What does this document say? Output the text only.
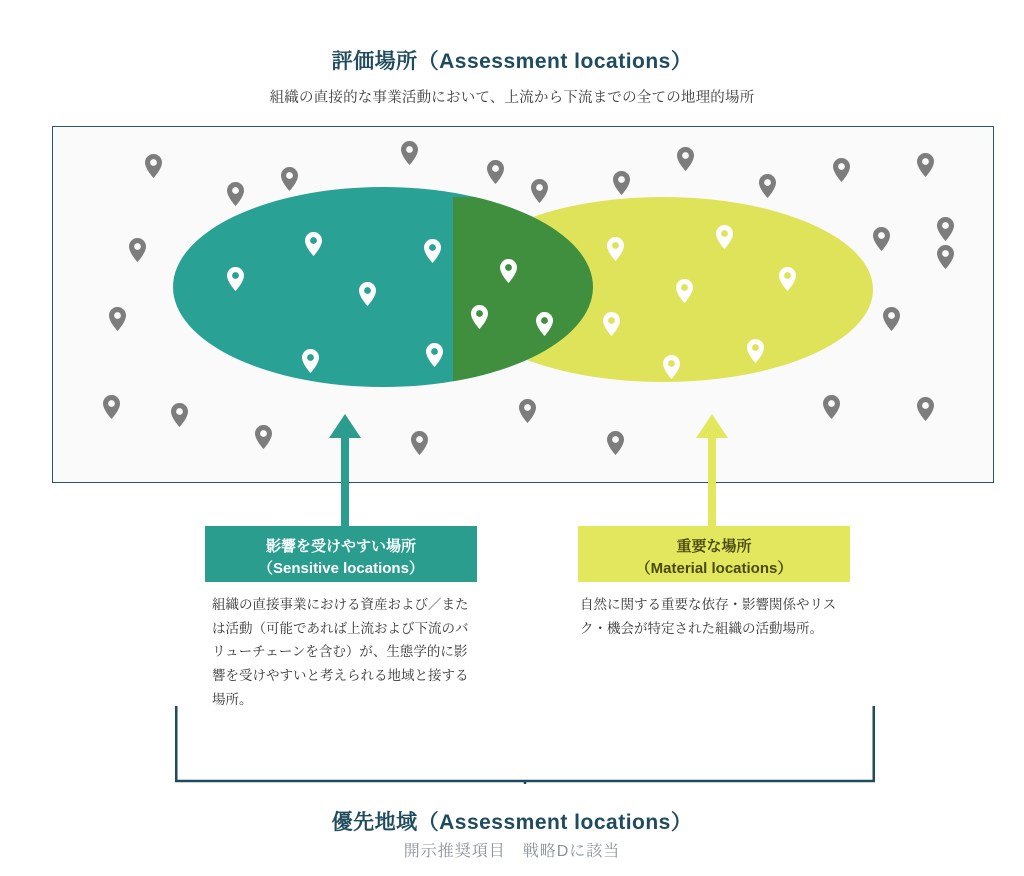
評価場所（Assessment locations）
組織の直接的な事業活動において、上流から下流までの全ての地理的場所
影響を受けやすい場所
（Sensitive locations）
重要な場所
（Material locations）
組織の直接事業における資産および／または活動（可能であれば上流および下流のバリューチェーンを含む）が、生態学的に影響を受けやすいと考えられる地域と接する場所。
自然に関する重要な依存・影響関係やリスク・機会が特定された組織の活動場所。
優先地域（Assessment locations）
開示推奨項目　戦略Dに該当
